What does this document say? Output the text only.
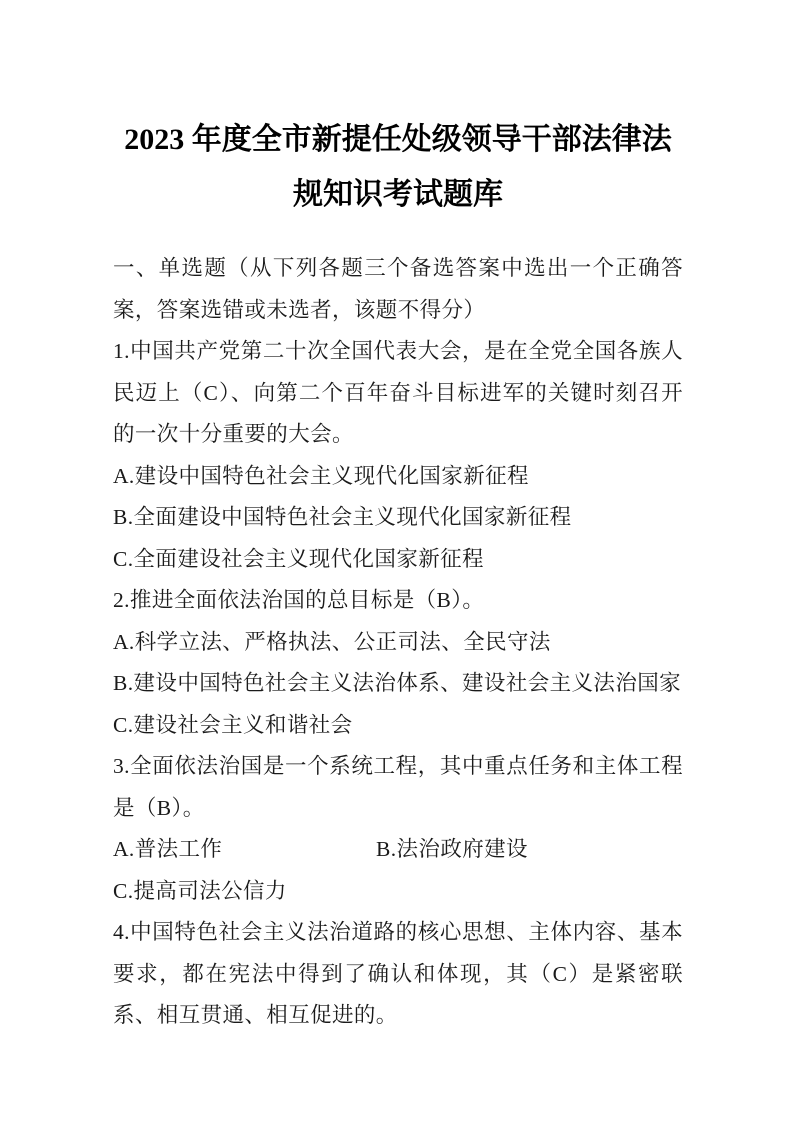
2023 年度全市新提任处级领导干部法律法
规知识考试题库

一、单选题（从下列各题三个备选答案中选出一个正确答案，答案选错或未选者，该题不得分）

1.中国共产党第二十次全国代表大会，是在全党全国各族人民迈上（C）、向第二个百年奋斗目标进军的关键时刻召开的一次十分重要的大会。

A.建设中国特色社会主义现代化国家新征程

B.全面建设中国特色社会主义现代化国家新征程

C.全面建设社会主义现代化国家新征程

2.推进全面依法治国的总目标是（B）。

A.科学立法、严格执法、公正司法、全民守法

B.建设中国特色社会主义法治体系、建设社会主义法治国家

C.建设社会主义和谐社会

3.全面依法治国是一个系统工程，其中重点任务和主体工程是（B）。

A.普法工作	B.法治政府建设

C.提高司法公信力

4.中国特色社会主义法治道路的核心思想、主体内容、基本要求，都在宪法中得到了确认和体现，其（C）是紧密联系、相互贯通、相互促进的。
